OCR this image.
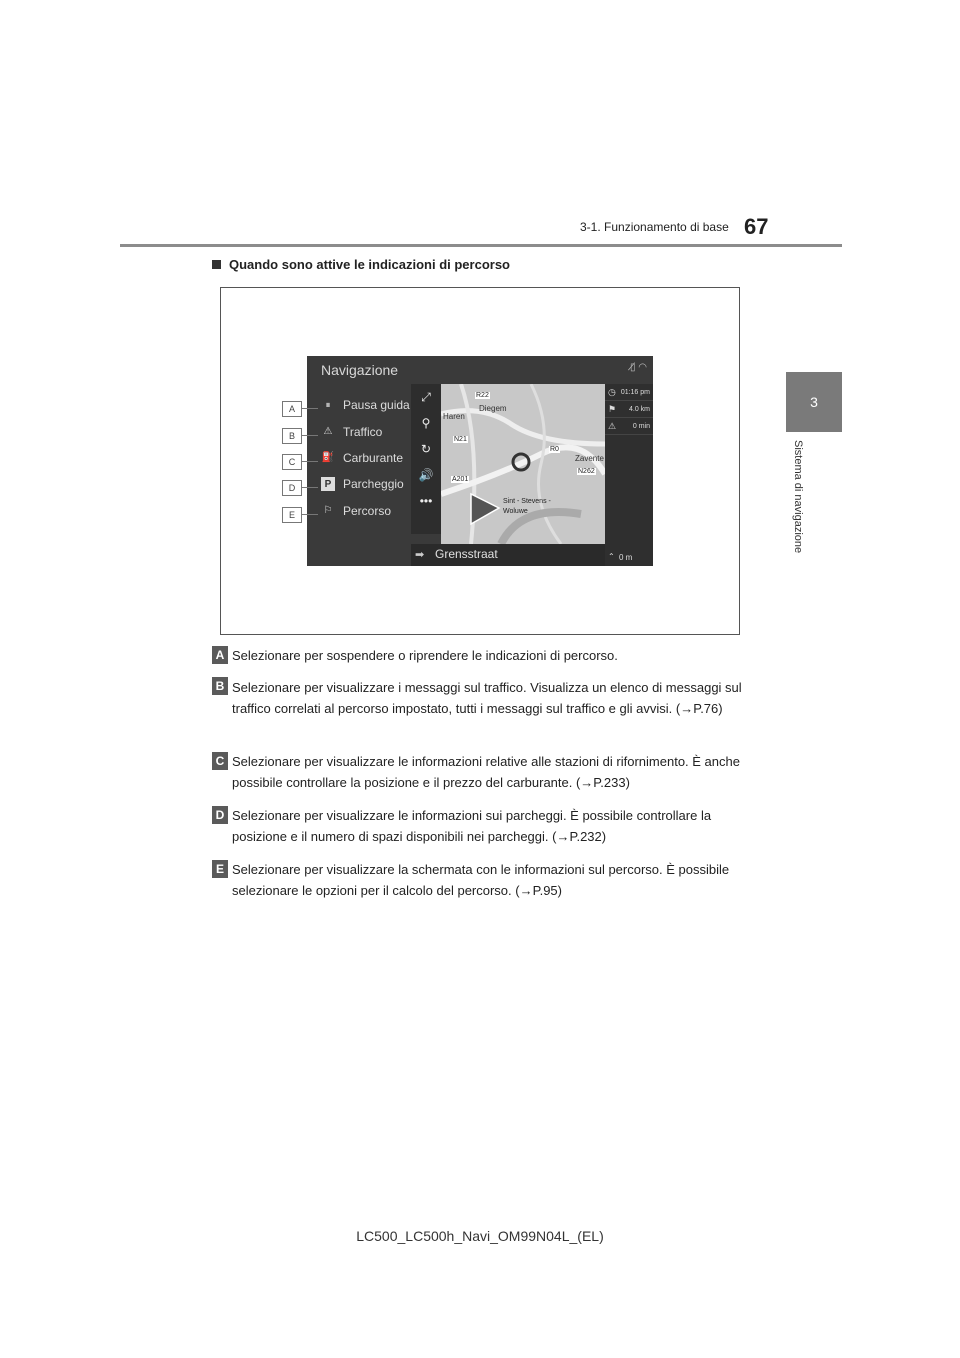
3-1. Funzionamento di base 67
3
Sistema di navigazione
Quando sono attive le indicazioni di percorso
Navigazione	▯̸ ◠
⏸	Pausa guida
⚠ Traffico
⛽ Carburante
P Parcheggio
⚐ Percorso
⤢
⚲
↻
🔊
•••
R22
Haren
Diegem
N21
R0
Zavente
N262
A201
Sint - Stevens -
Woluwe
◷ 01:16 pm
⚑ 4.0 km
⚠ 0 min
➡ Grensstraat	⌃ 0 m
A
B
C
D
E
A Selezionare per sospendere o riprendere le indicazioni di percorso.
B Selezionare per visualizzare i messaggi sul traffico. Visualizza un elenco di messaggi sul traffico correlati al percorso impostato, tutti i messaggi sul traffico e gli avvisi. (→P.76)
C Selezionare per visualizzare le informazioni relative alle stazioni di rifornimento. È anche possibile controllare la posizione e il prezzo del carburante. (→P.233)
D Selezionare per visualizzare le informazioni sui parcheggi. È possibile controllare la posizione e il numero di spazi disponibili nei parcheggi. (→P.232)
E Selezionare per visualizzare la schermata con le informazioni sul percorso. È possibile selezionare le opzioni per il calcolo del percorso. (→P.95)
LC500_LC500h_Navi_OM99N04L_(EL)
